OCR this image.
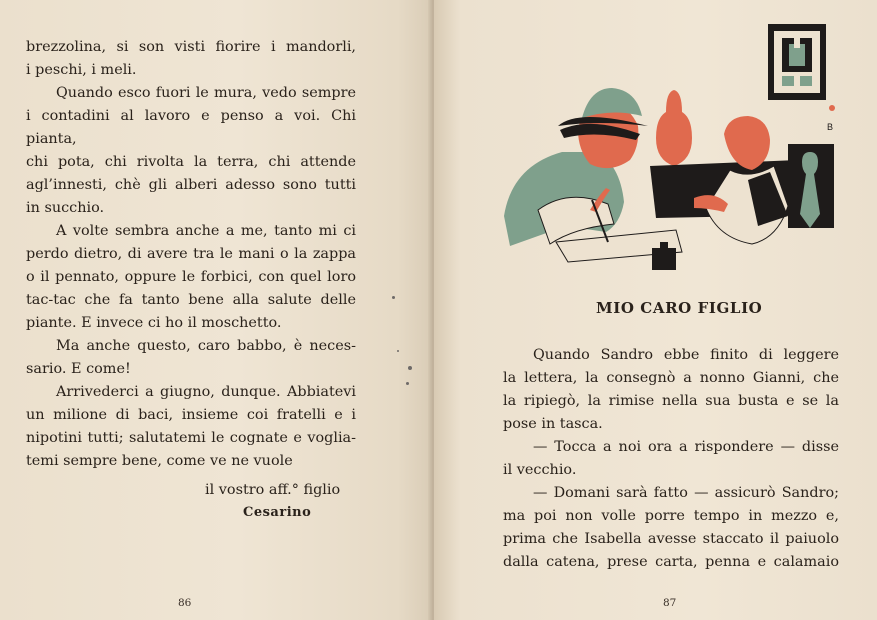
brezzolina, si son visti fiorire i mandorli,

i peschi, i meli.

Quando esco fuori le mura, vedo sempre

i contadini al lavoro e penso a voi. Chi pianta,

chi pota, chi rivolta la terra, chi attende

agl’innesti, chè gli alberi adesso sono tutti

in succhio.

A volte sembra anche a me, tanto mi ci

perdo dietro, di avere tra le mani o la zappa

o il pennato, oppure le forbici, con quel loro

tac-tac che fa tanto bene alla salute delle

piante. E invece ci ho il moschetto.

Ma anche questo, caro babbo, è neces-

sario. E come!

Arrivederci a giugno, dunque. Abbiatevi

un milione di baci, insieme coi fratelli e i

nipotini tutti; salutatemi le cognate e vogliа-

temi sempre bene, come ve ne vuole

il vostro aff.° figlio
Cesarino
86
B
MIO CARO FIGLIO

Quando Sandro ebbe finito di leggere

la lettera, la consegnò a nonno Gianni, che

la ripiegò, la rimise nella sua busta e se la

pose in tasca.

— Tocca a noi ora a rispondere — disse

il vecchio.

— Domani sarà fatto — assicurò Sandro;

ma poi non volle porre tempo in mezzo e,

prima che Isabella avesse staccato il paiuolo

dalla catena, prese carta, penna e calamaio

87
